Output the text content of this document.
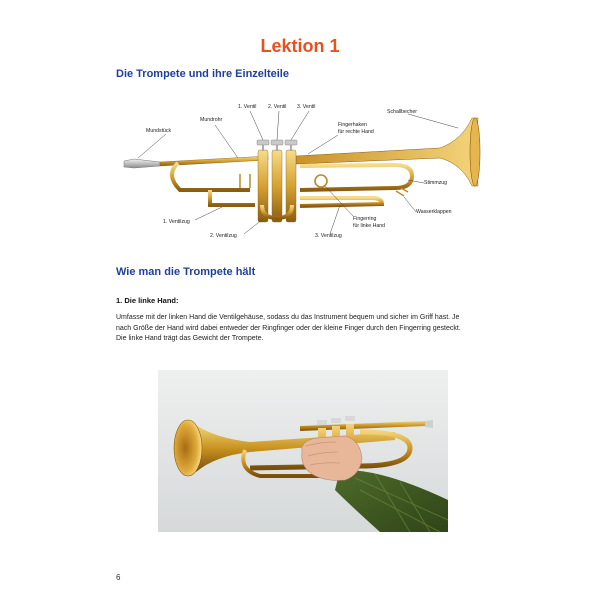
Lektion 1
Die Trompete und ihre Einzelteile
1. Ventil 2. Ventil 3. Ventil
Schallbecher
Mundrohr
Mundstück
Fingerhaken
für rechte Hand
Stimmzug
Wasserklappen
Fingerring
für linke Hand
1. Ventilzug
2. Ventilzug	3. Ventilzug
Wie man die Trompete hält
1. Die linke Hand:
Umfasse mit der linken Hand die Ventilgehäuse, sodass du das Instrument bequem und sicher im Griff hast. Je
nach Größe der Hand wird dabei entweder der Ringfinger oder der kleine Finger durch den Fingerring gesteckt.
Die linke Hand trägt das Gewicht der Trompete.
6
